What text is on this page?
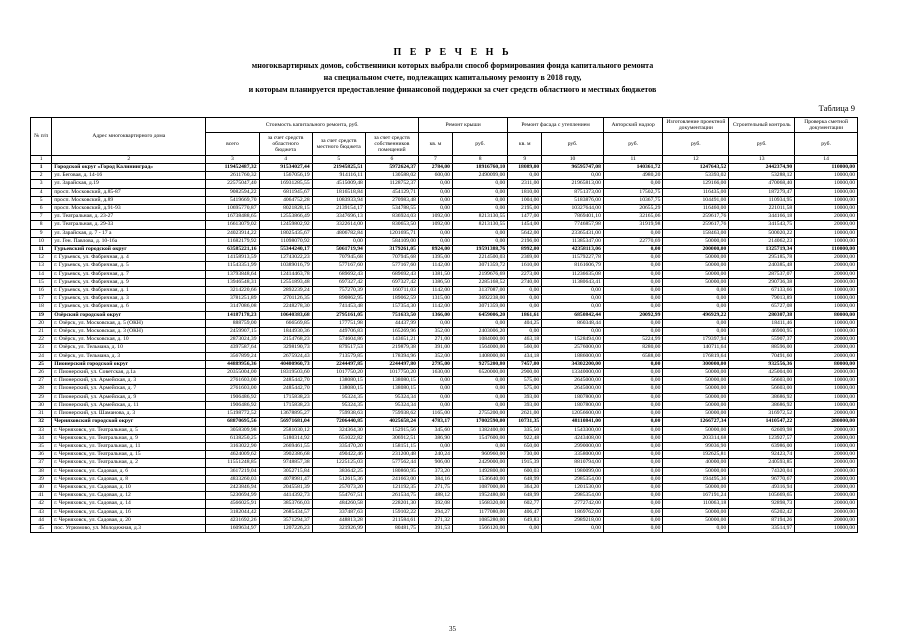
П Е Р Е Ч Е Н Ь
многоквартирных домов, собственники которых выбрали способ формирования фонда капитального ремонта
на специальном счете, подлежащих капитальному ремонту в 2018 году,
и которым планируется предоставление финансовой поддержки за счет средств областного и местных бюджетов
Таблица 9
№ п/п	Адрес многоквартирного дома	Стоимость капитального ремонта, руб.				Ремонт крыши		Ремонт фасада с утеплением		Авторский надзор	Изготовление проектной документации	Строительный контроль	Проверка сметной документации
		всего	за счет средств областного бюджета	за счет средств местного бюджета	за счет средств собственников помещений								
						кв. м	руб.	кв. м	руб.	руб.	руб.	руб.	руб.
1	2	3	4	5	6	7	8	9	10	11	12	13	14
1	Городской округ «Город Калининград»	119452487,32	91534027,44	21945825,51	5972624,37	2784,00	18916760,10	18089,00	96595747,08	140361,72	1247643,52	2442374,90	110000,00
2	ул. Беговая, д. 14-16	2611760,32	1567056,19	914116,11	130588,02	600,00	2490099,00	0,00	0,00	4980,20	53393,02	53288,12	10000,00
3	ул. Зарайская, д.19	22575047,40	16931285,55	4515009,48	1128752,37	0,00	0,00	2311,00	21965813,00	0,00	129166,00	470068,40	10000,00
4	просп. Московский, д.85-87	9082594,22	6811945,67	1816518,84	454129,71	0,00	0,00	1810,00	8751373,00	17502,75	116435,00	187279,47	10000,00
5	просп. Московский, д.89	5419669,70	4064752,28	1083933,94	270983,48	0,00	0,00	1004,00	5183876,00	10367,75	104491,00	110934,95	10000,00
6	просп. Московский, д.91-93	10695770,87	8021828,15	2139154,17	534788,55	0,00	0,00	2195,00	10327644,00	20655,29	116460,00	221011,58	10000,00
7	ул. Театральная, д. 23-27	16738488,65	12553866,49	3347696,13	836924,03	1092,00	8213130,55	1477,00	7869401,10	32165,06	259617,76	344166,18	20000,00
8	ул. Театральная, д. 29-33	16613079,02	12459802,92	3322614,00	830653,50	1092,00	8213130,55	1454,00	7746857,98	31919,98	259617,76	341543,75	20000,00
9	ул. Зарайская, д. 7 - 17 а	24023914,22	18025435,67	4806782,84	1201695,71	0,00	0,00	5642,00	23365431,00	0,00	158463,00	500020,22	10000,00
10	ул. Ген. Павлова, д. 10-16а	11682179,92	11098070,92	0,00	584109,00	0,00	0,00	2196,00	11385347,00	22770,69	50000,00	214062,23	10000,00
11	Гурьевский городской округ	63585221,16	55344240,17	5061719,94	3179261,05	8924,00	19591388,76	8992,00	42358113,06	0,00	200000,00	1325719,34	110000,00
12	г. Гурьевск, ул. Фабричная, д. 4	14158913,59	12743022,23	707945,68	707945,68	1395,00	2214500,03	2369,00	11579227,78	0,00	50000,00	295185,78	20000,00
13	г. Гурьевск, ул. Фабричная, д. 5	11543351,99	10389016,79	577167,60	577167,60	1142,00	3071359,72	1610,00	8161606,79	0,00	50000,00	240385,48	20000,00
14	г. Гурьевск, ул. Фабричная, д. 7	13793848,64	12414463,78	689692,43	689692,43	1381,50	2199676,69	2273,00	11236635,08	0,00	50000,00	287537,07	20000,00
15	г. Гурьевск, ул. Фабричная, д. 9	13946548,31	12551893,48	697327,42	697327,42	1386,50	2285168,52	2740,00	11380643,41	0,00	50000,00	290736,38	20000,00
16	г. Гурьевск, ул. Фабричная, д. 1	3214220,66	2892239,24	757270,39	160711,03	1142,00	3137087,00	0,00	0,00	0,00	0,00	67133,66	10000,00
17	г. Гурьевск, ул. Фабричная, д. 3	3781251,89	2701126,35	890862,95	189062,59	1315,00	3692238,00	0,00	0,00	0,00	0,00	79013,89	10000,00
18	г. Гурьевск, ул. Фабричная, д. 6	3147086,08	2248278,30	741453,48	157354,30	1142,00	3071359,00	0,00	0,00	0,00	0,00	65727,08	10000,00
19	Озёрский городской округ	14187178,23	10640383,68	2795161,05	751633,50	1366,00	6459006,20	1861,61	6850842,44	20092,99	496929,22	280307,38	80000,00
20	г. Озёрск, ул. Московская, д. 5 (ОКН)	888759,00	666569,85	177751,98	44437,99	0,00	0,00	404,25	860348,44	0,00	0,00	18411,46	10000,00
21	г. Озёрск, ул. Московская, д. 3 (ОКН)	2459907,15	1844930,36	449706,83	165269,96	352,00	2403006,20	0,00	0,00	0,00	0,00	46900,95	10000,00
22	г. Озёрск, ул. Московская, д. 10	2873024,39	2154768,23	574604,86	143651,21	271,00	1084000,00	463,18	1528494,00	5224,99	179397,94	55907,37	20000,00
23	г. Озёрск, ул. Тельмана, д. 10	4397587,64	3298190,73	879517,53	219879,38	391,00	1564000,00	560,00	2576000,00	8280,00	140711,64	88596,00	20000,00
24	г. Озёрск, ул. Тельмана, д. 3	3567899,24	2675924,43	713579,85	178394,96	352,00	1408000,00	434,18	1886000,00	6588,00	176819,64	70491,60	20000,00
25	Пионерский городской округ	44889956,36	40400960,73	2244497,85	2244497,80	2795,00	9275200,80	7457,00	34302200,00	0,00	300000,00	932556,36	80000,00
26	г. Пионерский, ул. Советская, д.1а	20355004,00	18319503,60	1017750,20	1017750,20	1630,00	6520000,00	2900,00	13340000,00	0,00	50000,00	425004,00	20000,00
27	г. Пионерский, ул. Армейская, д. 3	2761603,00	2485442,70	138080,15	138080,15	0,00	0,00	575,00	2645000,00	0,00	50000,00	56603,00	10000,00
28	г. Пионерский, ул. Армейская, д. 7	2761603,00	2485442,70	138080,15	138080,15	0,00	0,00	575,00	2645000,00	0,00	50000,00	56603,00	10000,00
29	г. Пионерский, ул. Армейская, д. 9	1906486,92	1715838,23	95324,35	95324,34	0,00	0,00	393,00	1807800,00	0,00	50000,00	38686,92	10000,00
30	г. Пионерский, ул. Армейская, д. 11	1906486,92	1715838,23	95324,35	95324,34	0,00	0,00	393,00	1807800,00	0,00	50000,00	38686,92	10000,00
31	г. Пионерский, ул. Шаманова, д. 3	15198772,52	13678895,27	759938,63	759938,62	1165,00	2755200,00	2621,00	12056600,00	0,00	50000,00	316972,52	20000,00
32	Черняховский городской округ	68870695,56	56971681,04	7206440,85	4025658,24	4783,17	17002590,00	10731,35	48110841,00	0,00	1266727,34	1410547,22	280000,00
33	г. Черняховск, ул. Театральная, д. 5	3058309,98	2581030,12	324364,30	152915,56	345,60	1382400,00	335,50	1543300,00	0,00	50000,00	62609,98	20000,00
34	г. Черняховск, ул. Театральная, д. 9	6138250,25	5180314,92	651022,82	306912,51	386,90	1547600,00	922,48	4243408,00	0,00	203314,68	123927,57	20000,00
35	г. Черняховск, ул. Театральная, д. 11	3163022,90	2669461,55	335470,20	158151,15	0,00	0,00	650,00	2990000,00	0,00	99036,90	63986,00	10000,00
36	г. Черняховск, ул. Театральная, д. 15	4624009,62	3902386,68	490422,46	231200,48	240,24	960960,00	730,00	3358000,00	0,00	192625,81	92423,74	20000,00
37	г. Черняховск, ул. Театральная, д. 2	11551248,85	9748857,38	1225125,03	577562,44	906,00	2429000,00	1915,39	8810794,00	0,00	40000,00	240593,85	20000,00
38	г. Черняховск, ул. Садовая, д. 6	3617219,04	3052715,84	383642,25	180860,95	373,20	1492800,00	600,03	1980099,00	0,00	50000,00	74320,04	20000,00
39	г. Черняховск, ул. Садовая, д. 8	4833260,03	4078981,47	512615,36	241663,00	384,16	1536640,00	648,99	2985354,00	0,00	194495,36	96770,67	20000,00
40	г. Черняховск, ул. Садовая, д. 10	2423846,94	2045581,39	257073,20	121192,35	271,75	1087000,00	364,20	1201530,00	0,00	50000,00	49316,94	20000,00
41	г. Черняховск, ул. Садовая, д. 12	5230694,99	4414392,73	554767,51	261534,75	488,12	1952480,00	648,99	2985354,00	0,00	167191,24	105669,65	20000,00
42	г. Черняховск, ул. Садовая, д. 14	4566025,91	3853766,03	484260,58	228201,30	392,08	1568320,00	602,77	2772742,00	0,00	110063,18	92898,73	20000,00
43	г. Черняховск, ул. Садовая, д. 16	3182044,42	2685434,57	337487,63	159102,22	294,27	1177080,00	406,47	1869762,00	0,00	50000,00	65202,42	20000,00
44	г. Черняховск, ул. Садовая, д. 20	4231692,26	3571294,37	448813,28	211584,61	271,32	1085280,00	649,83	2989218,00	0,00	50000,00	87194,26	20000,00
45	пос. Угрюмово, ул. Молодежная, д.3	1609634,97	1207226,23	321926,99	80481,75	391,53	1566120,00	0,00	0,00	0,00	0,00	33514,97	10000,00
35
